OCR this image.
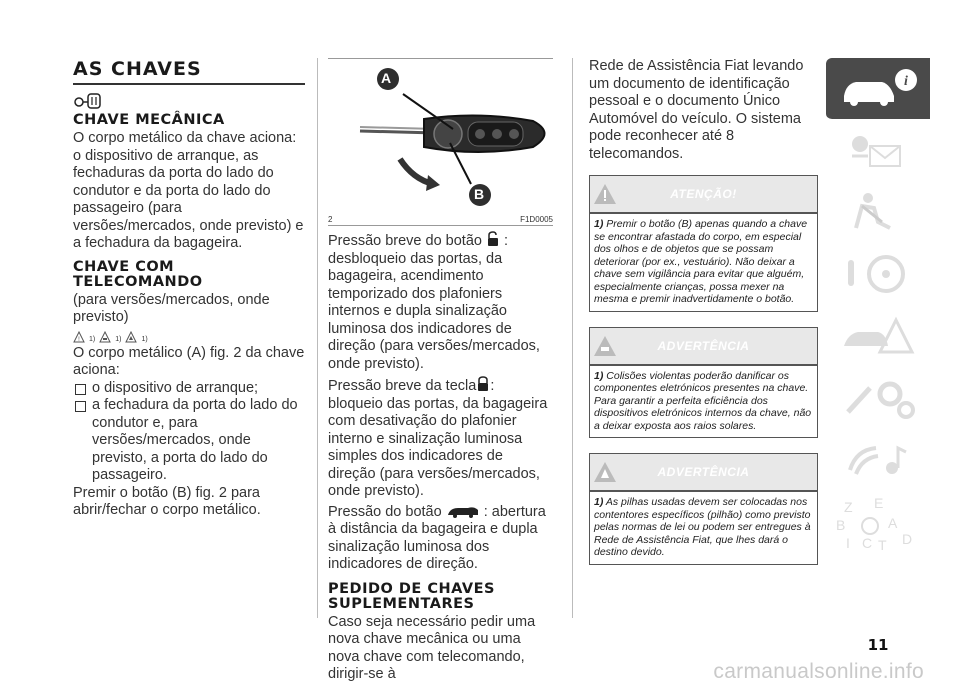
AS CHAVES
CHAVE MECÂNICA

O corpo metálico da chave aciona: o dispositivo de arranque, as fechaduras da porta do lado do condutor e da porta do lado do passageiro (para versões/mercados, onde previsto) e a fechadura da bagageira.

CHAVE COM
TELECOMANDO

(para versões/mercados, onde previsto)

! 1)	1)	1)

O corpo metálico (A) fig. 2 da chave aciona:

o dispositivo de arranque;

a fechadura da porta do lado do condutor e, para versões/mercados, onde previsto, a porta do lado do passageiro.

Premir o botão (B) fig. 2 para abrir/fechar o corpo metálico.

A
B
2	F1D0005

Pressão breve do botão :

desbloqueio das portas, da bagageira, acendimento temporizado dos plafoniers internos e dupla sinalização luminosa dos indicadores de direção (para versões/mercados, onde previsto).

Pressão breve da tecla : bloqueio das portas, da bagageira com desativação do plafonier interno e sinalização luminosa simples dos indicadores de direção (para versões/mercados, onde previsto).

Pressão do botão	: abertura à distância da bagageira e dupla sinalização luminosa dos indicadores de direção.

PEDIDO DE CHAVES
SUPLEMENTARES

Caso seja necessário pedir uma nova chave mecânica ou uma nova chave com telecomando, dirigir-se à

Rede de Assistência Fiat levando um documento de identificação pessoal e o documento Único Automóvel do veículo. O sistema pode reconhecer até 8 telecomandos.

ATENÇÃO!
1) Premir o botão (B) apenas quando a chave se encontrar afastada do corpo, em especial dos olhos e de objetos que se possam deteriorar (por ex., vestuário). Não deixar a chave sem vigilância para evitar que alguém, especialmente crianças, possa mexer na mesma e premir inadvertidamente o botão.
ADVERTÊNCIA
1) Colisões violentas poderão danificar os componentes eletrónicos presentes na chave. Para garantir a perfeita eficiência dos dispositivos eletrónicos internos da chave, não a deixar exposta aos raios solares.
ADVERTÊNCIA
1) As pilhas usadas devem ser colocadas nos contentores específicos (pilhão) como previsto pelas normas de lei ou podem ser entregues à Rede de Assistência Fiat, que lhes dará o destino devido.
i
Z E
B	A
I C T D
11
carmanualsonline.info
